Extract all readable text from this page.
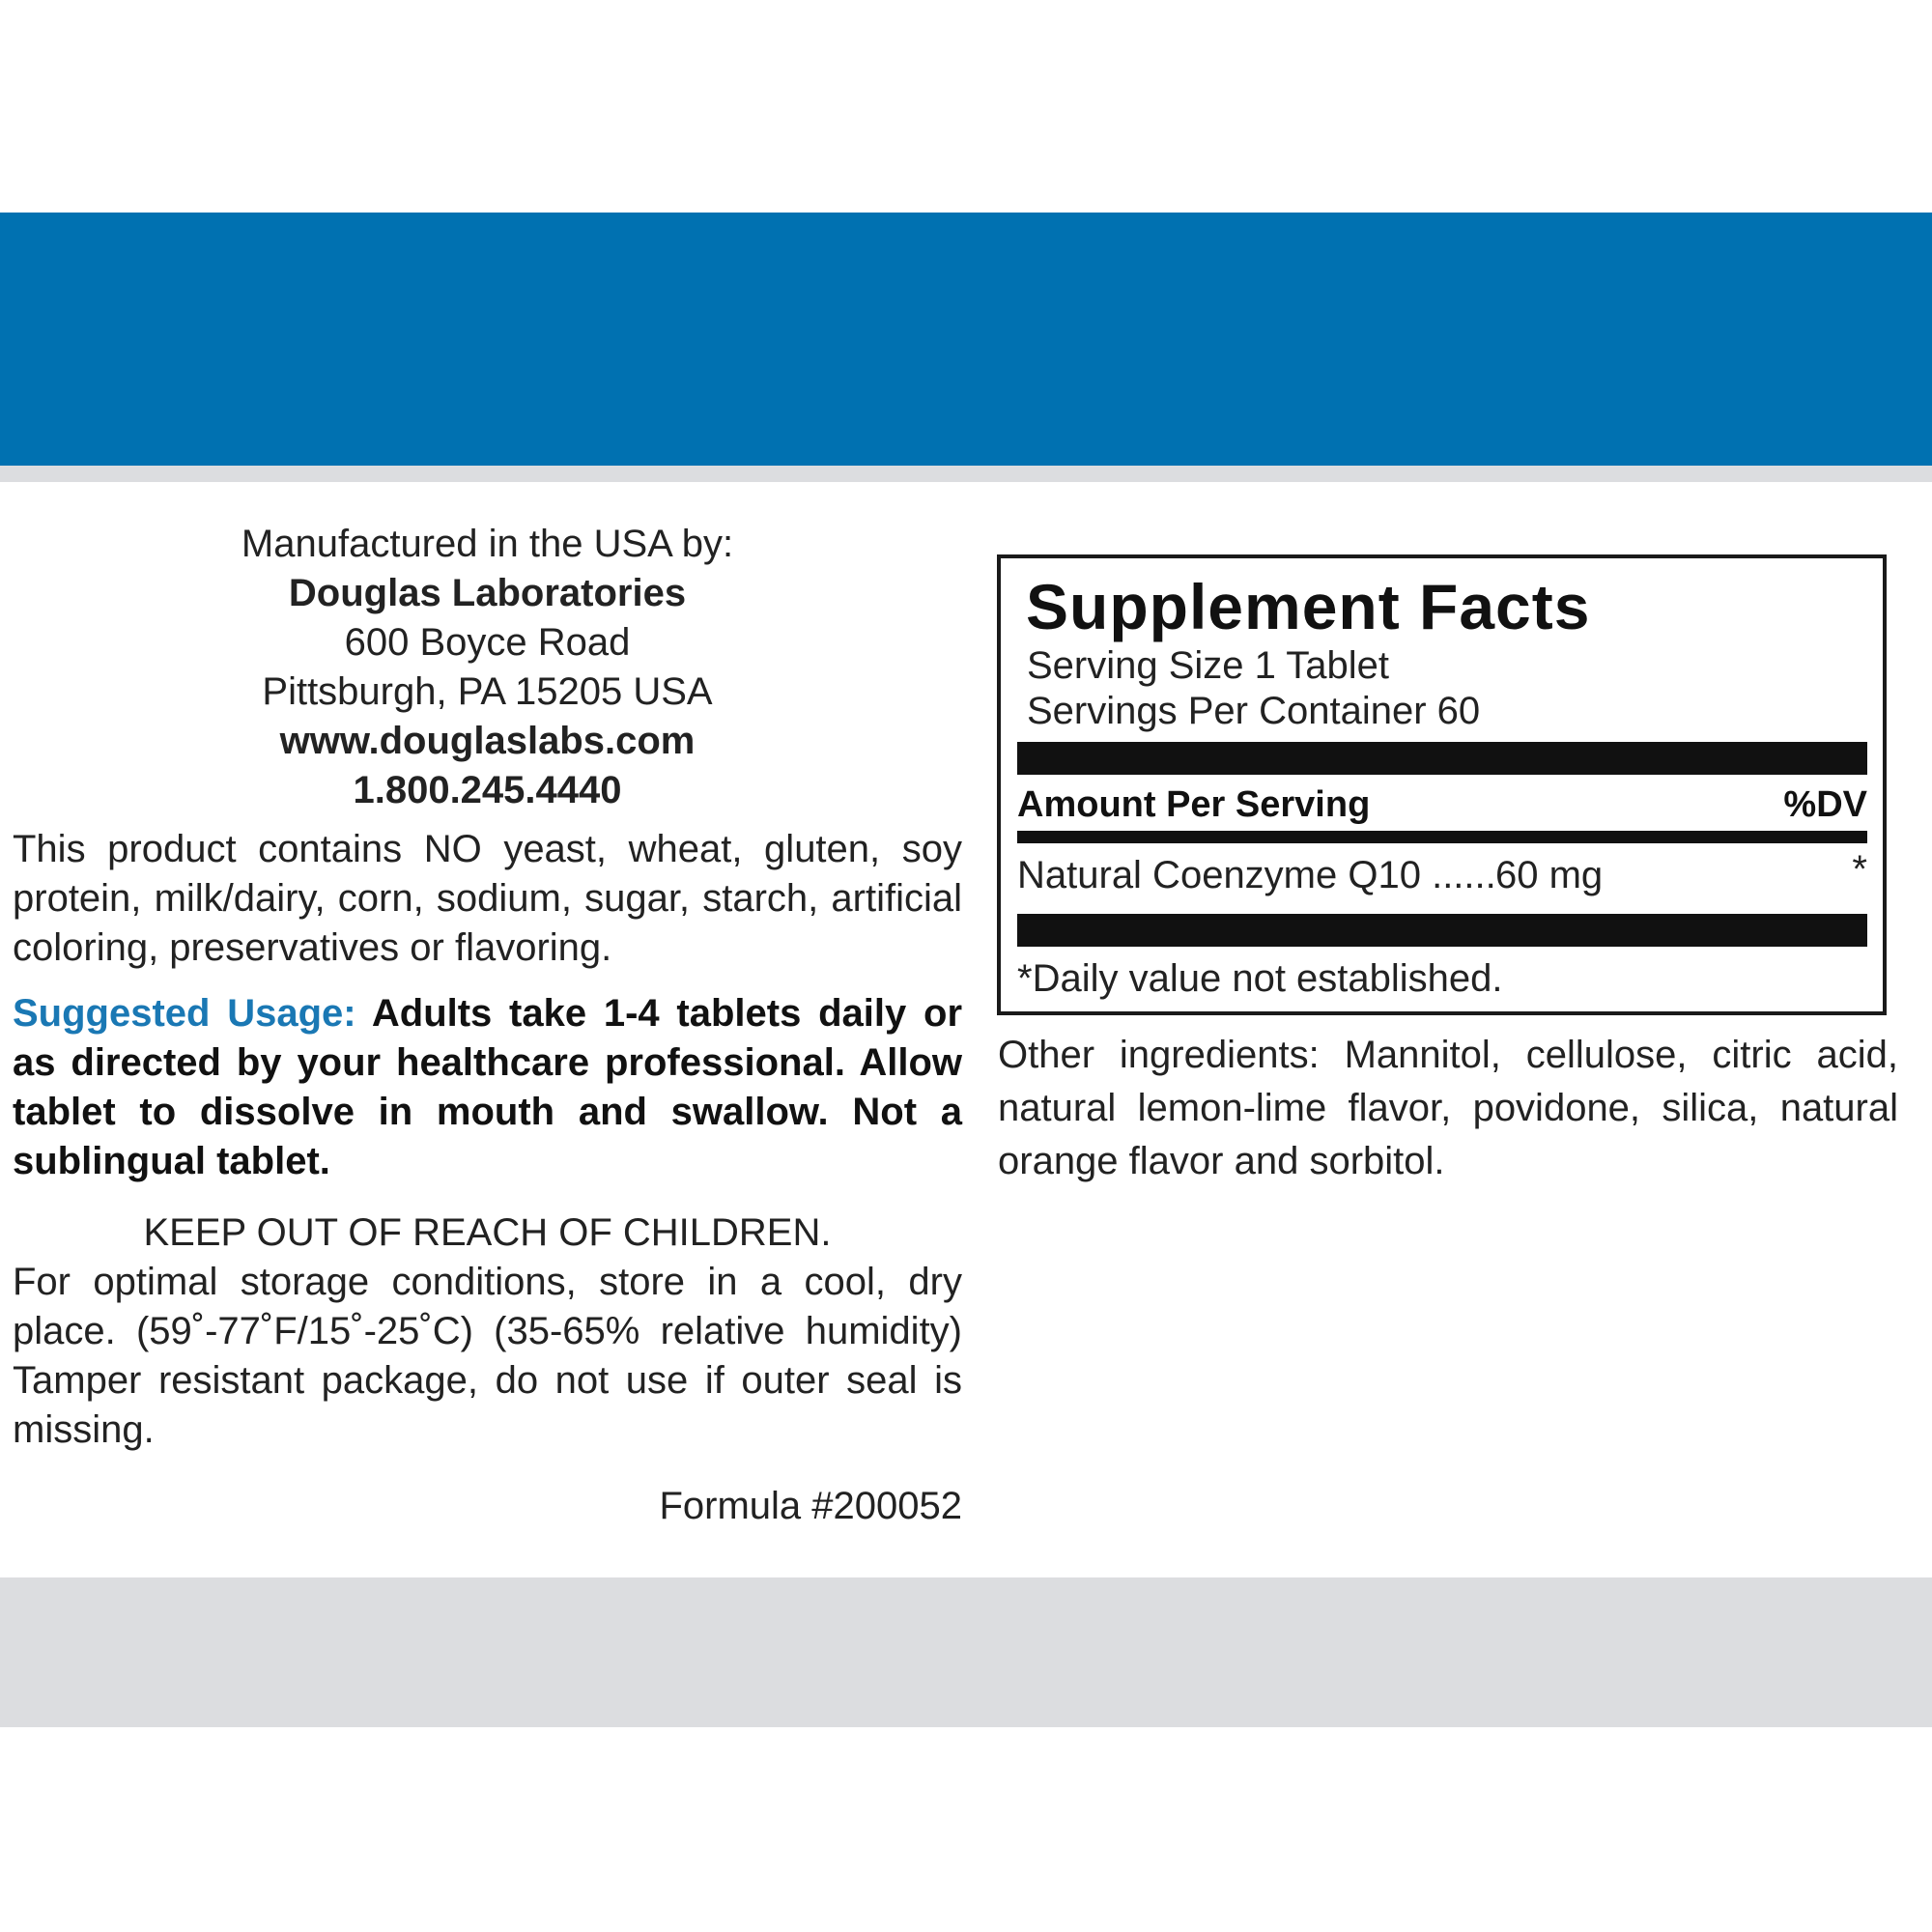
Manufactured in the USA by:
Douglas Laboratories
600 Boyce Road
Pittsburgh, PA 15205 USA
www.douglaslabs.com
1.800.245.4440
This product contains NO yeast, wheat, gluten, soy protein, milk/dairy, corn, sodium, sugar, starch, artificial coloring, preservatives or flavoring.
Suggested Usage: Adults take 1-4 tablets daily or as directed by your healthcare professional. Allow tablet to dissolve in mouth and swallow. Not a sublingual tablet.
KEEP OUT OF REACH OF CHILDREN.
For optimal storage conditions, store in a cool, dry place. (59˚-77˚F/15˚-25˚C) (35-65% relative humidity) Tamper resistant package, do not use if outer seal is missing.
Formula #200052
Supplement Facts
Serving Size 1 Tablet
Servings Per Container 60
Amount Per Serving	%DV
Natural Coenzyme Q10 ...... 60 mg	*
*Daily value not established.
Other ingredients: Mannitol, cellulose, citric acid, natural lemon-lime flavor, povidone, silica, natural orange flavor and sorbitol.
